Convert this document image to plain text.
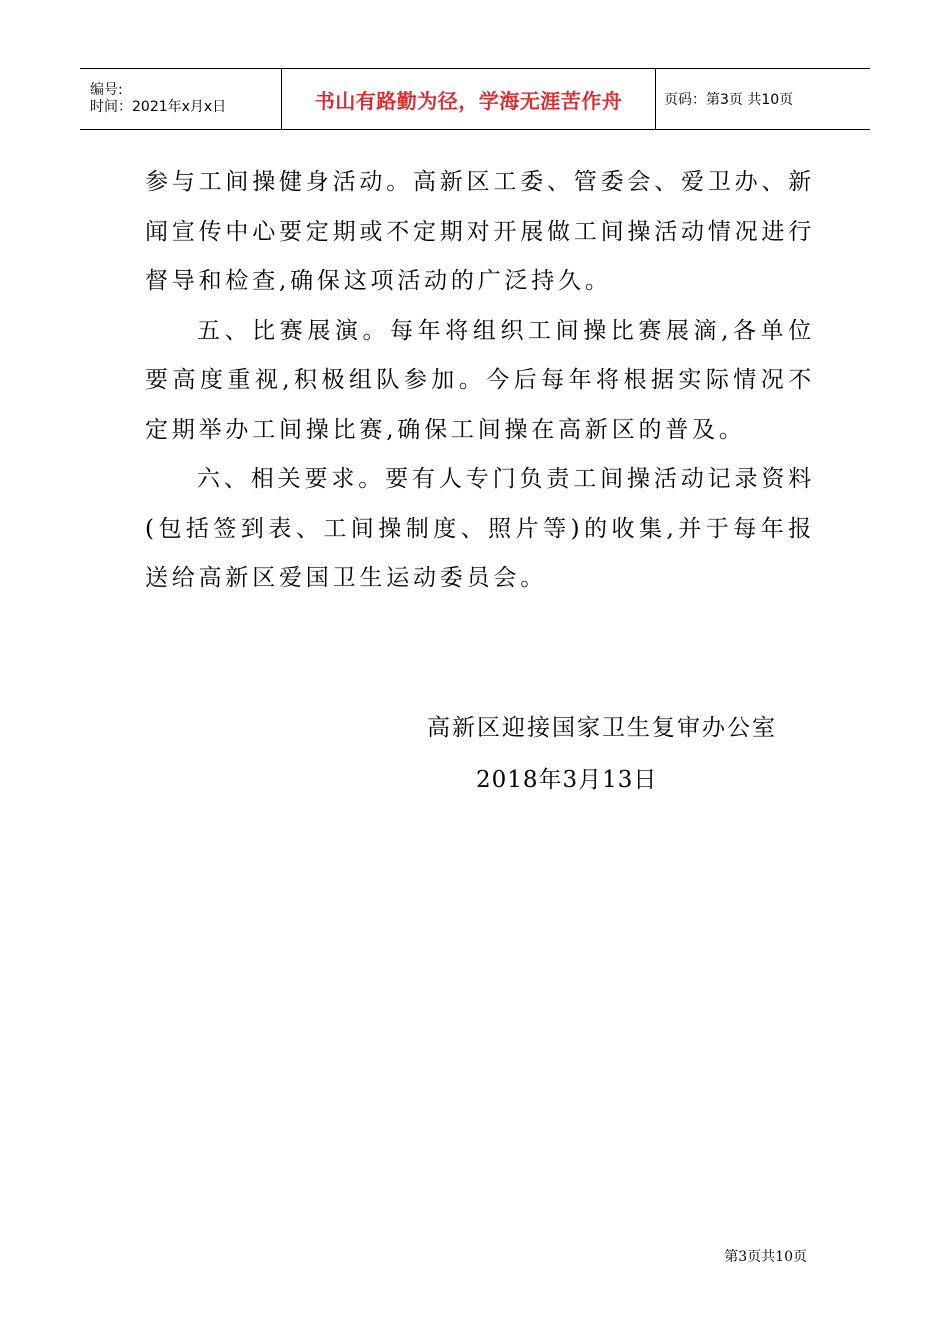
编号:
时间：2021年x月x日	书山有路勤为径，学海无涯苦作舟	页码：第3页 共10页

参与工间操健身活动。高新区工委、管委会、爱卫办、新闻宣传中心要定期或不定期对开展做工间操活动情况进行督导和检查,确保这项活动的广泛持久。

五、比赛展演。每年将组织工间操比赛展滴,各单位要高度重视,积极组队参加。今后每年将根据实际情况不定期举办工间操比赛,确保工间操在高新区的普及。

六、相关要求。要有人专门负责工间操活动记录资料(包括签到表、工间操制度、照片等)的收集,并于每年报送给高新区爱国卫生运动委员会。

高新区迎接国家卫生复审办公室
2018年3月13日
第3页共10页
